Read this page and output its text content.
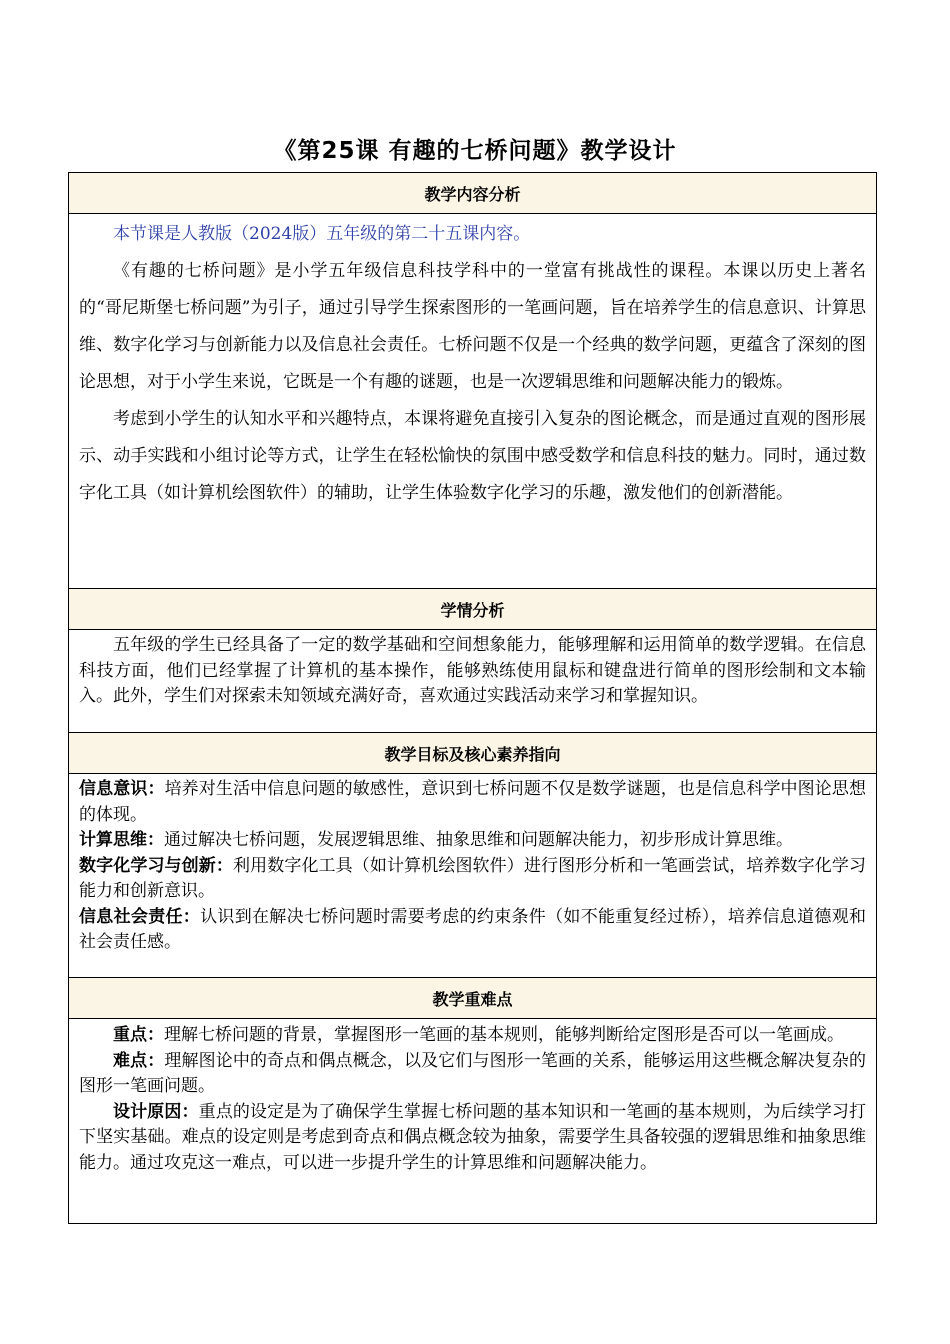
《第25课 有趣的七桥问题》教学设计
教学内容分析

本节课是人教版（2024版）五年级的第二十五课内容。

《有趣的七桥问题》是小学五年级信息科技学科中的一堂富有挑战性的课程。本课以历史上著名的“哥尼斯堡七桥问题”为引子，通过引导学生探索图形的一笔画问题，旨在培养学生的信息意识、计算思维、数字化学习与创新能力以及信息社会责任。七桥问题不仅是一个经典的数学问题，更蕴含了深刻的图论思想，对于小学生来说，它既是一个有趣的谜题，也是一次逻辑思维和问题解决能力的锻炼。

考虑到小学生的认知水平和兴趣特点，本课将避免直接引入复杂的图论概念，而是通过直观的图形展示、动手实践和小组讨论等方式，让学生在轻松愉快的氛围中感受数学和信息科技的魅力。同时，通过数字化工具（如计算机绘图软件）的辅助，让学生体验数字化学习的乐趣，激发他们的创新潜能。

学情分析

五年级的学生已经具备了一定的数学基础和空间想象能力，能够理解和运用简单的数学逻辑。在信息科技方面，他们已经掌握了计算机的基本操作，能够熟练使用鼠标和键盘进行简单的图形绘制和文本输入。此外，学生们对探索未知领域充满好奇，喜欢通过实践活动来学习和掌握知识。

教学目标及核心素养指向

信息意识：培养对生活中信息问题的敏感性，意识到七桥问题不仅是数学谜题，也是信息科学中图论思想的体现。

计算思维：通过解决七桥问题，发展逻辑思维、抽象思维和问题解决能力，初步形成计算思维。

数字化学习与创新：利用数字化工具（如计算机绘图软件）进行图形分析和一笔画尝试，培养数字化学习能力和创新意识。

信息社会责任：认识到在解决七桥问题时需要考虑的约束条件（如不能重复经过桥），培养信息道德观和社会责任感。

教学重难点

重点：理解七桥问题的背景，掌握图形一笔画的基本规则，能够判断给定图形是否可以一笔画成。

难点：理解图论中的奇点和偶点概念，以及它们与图形一笔画的关系，能够运用这些概念解决复杂的图形一笔画问题。

设计原因：重点的设定是为了确保学生掌握七桥问题的基本知识和一笔画的基本规则，为后续学习打下坚实基础。难点的设定则是考虑到奇点和偶点概念较为抽象，需要学生具备较强的逻辑思维和抽象思维能力。通过攻克这一难点，可以进一步提升学生的计算思维和问题解决能力。
